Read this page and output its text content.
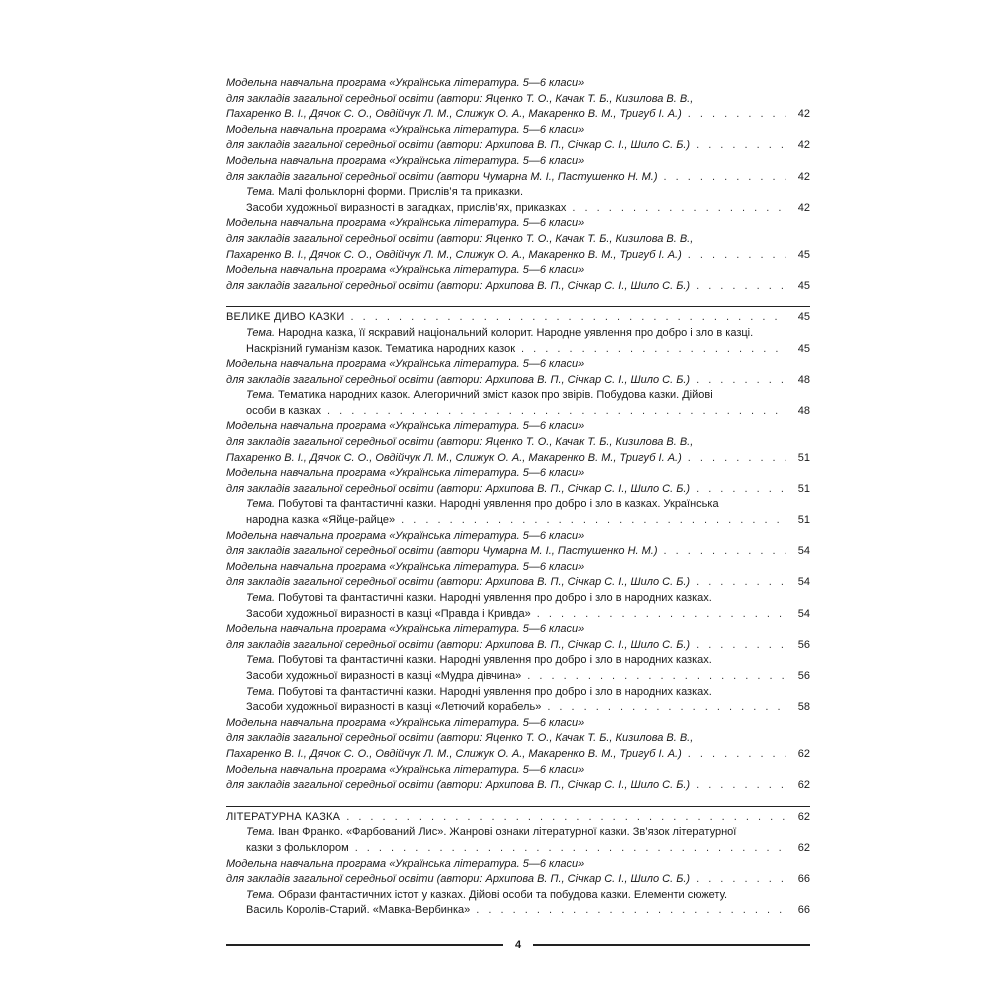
Модельна навчальна програма «Українська література. 5—6 класи»
для закладів загальної середньої освіти (автори: Яценко Т. О., Качак Т. Б., Кизилова В. В.,
Пахаренко В. І., Дячок С. О., Овдійчук Л. М., Слижук О. А., Макаренко В. М., Тригуб І. А.) . . .	42
Модельна навчальна програма «Українська література. 5—6 класи»
для закладів загальної середньої освіти (автори: Архипова В. П., Січкар С. І., Шило С. Б.) . . .	42
Модельна навчальна програма «Українська література. 5—6 класи»
для закладів загальної середньої освіти (автори Чумарна М. І., Пастушенко Н. М.) . . .	42
Тема. Малі фольклорні форми. Прислів’я та приказки.
Засоби художньої виразності в загадках, прислів’ях, приказках . . .	42
Модельна навчальна програма «Українська література. 5—6 класи»
для закладів загальної середньої освіти (автори: Яценко Т. О., Качак Т. Б., Кизилова В. В.,
Пахаренко В. І., Дячок С. О., Овдійчук Л. М., Слижук О. А., Макаренко В. М., Тригуб І. А.) . . .	45
Модельна навчальна програма «Українська література. 5—6 класи»
для закладів загальної середньої освіти (автори: Архипова В. П., Січкар С. І., Шило С. Б.) . . .	45
ВЕЛИКЕ ДИВО КАЗКИ . . .	45
Тема. Народна казка, її яскравий національний колорит. Народне уявлення про добро і зло в казці.
Наскрізний гуманізм казок. Тематика народних казок . . .	45
Модельна навчальна програма «Українська література. 5—6 класи»
для закладів загальної середньої освіти (автори: Архипова В. П., Січкар С. І., Шило С. Б.) . . .	48
Тема. Тематика народних казок. Алегоричний зміст казок про звірів. Побудова казки. Дійові
особи в казках . . .	48
Модельна навчальна програма «Українська література. 5—6 класи»
для закладів загальної середньої освіти (автори: Яценко Т. О., Качак Т. Б., Кизилова В. В.,
Пахаренко В. І., Дячок С. О., Овдійчук Л. М., Слижук О. А., Макаренко В. М., Тригуб І. А.) . . .	51
Модельна навчальна програма «Українська література. 5—6 класи»
для закладів загальної середньої освіти (автори: Архипова В. П., Січкар С. І., Шило С. Б.) . . .	51
Тема. Побутові та фантастичні казки. Народні уявлення про добро і зло в казках. Українська
народна казка «Яйце-райце» . . .	51
Модельна навчальна програма «Українська література. 5—6 класи»
для закладів загальної середньої освіти (автори Чумарна М. І., Пастушенко Н. М.) . . .	54
Модельна навчальна програма «Українська література. 5—6 класи»
для закладів загальної середньої освіти (автори: Архипова В. П., Січкар С. І., Шило С. Б.) . . .	54
Тема. Побутові та фантастичні казки. Народні уявлення про добро і зло в народних казках.
Засоби художньої виразності в казці «Правда і Кривда» . . .	54
Модельна навчальна програма «Українська література. 5—6 класи»
для закладів загальної середньої освіти (автори: Архипова В. П., Січкар С. І., Шило С. Б.) . . .	56
Тема. Побутові та фантастичні казки. Народні уявлення про добро і зло в народних казках.
Засоби художньої виразності в казці «Мудра дівчина» . . .	56
Тема. Побутові та фантастичні казки. Народні уявлення про добро і зло в народних казках.
Засоби художньої виразності в казці «Летючий корабель» . . .	58
Модельна навчальна програма «Українська література. 5—6 класи»
для закладів загальної середньої освіти (автори: Яценко Т. О., Качак Т. Б., Кизилова В. В.,
Пахаренко В. І., Дячок С. О., Овдійчук Л. М., Слижук О. А., Макаренко В. М., Тригуб І. А.) . . .	62
Модельна навчальна програма «Українська література. 5—6 класи»
для закладів загальної середньої освіти (автори: Архипова В. П., Січкар С. І., Шило С. Б.) . . .	62
ЛІТЕРАТУРНА КАЗКА . . .	62
Тема. Іван Франко. «Фарбований Лис». Жанрові ознаки літературної казки. Зв’язок літературної
казки з фольклором . . .	62
Модельна навчальна програма «Українська література. 5—6 класи»
для закладів загальної середньої освіти (автори: Архипова В. П., Січкар С. І., Шило С. Б.) . . .	66
Тема. Образи фантастичних істот у казках. Дійові особи та побудова казки. Елементи сюжету.
Василь Королів-Старий. «Мавка-Вербинка» . . .	66
4
